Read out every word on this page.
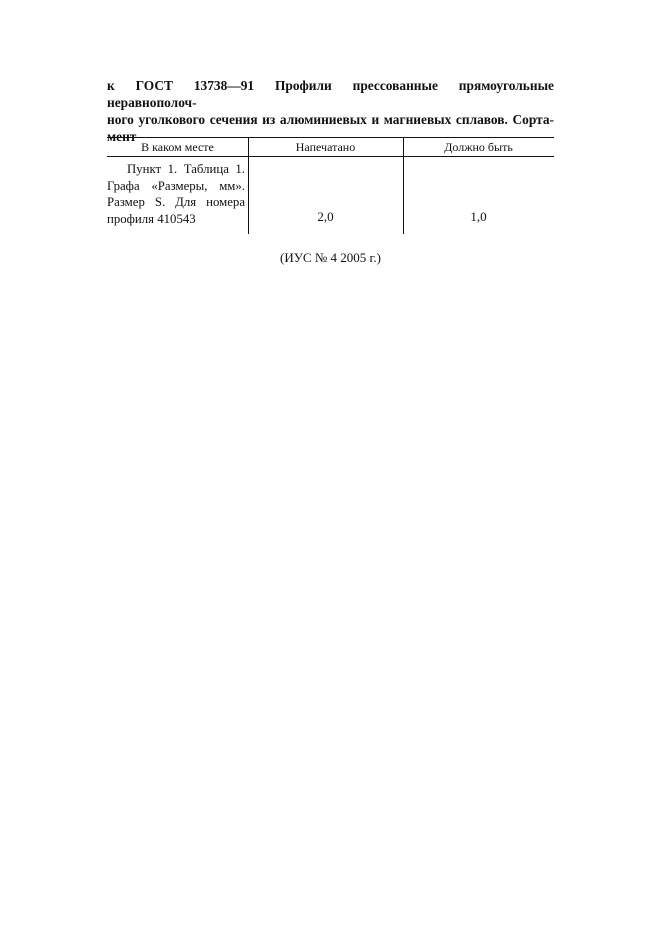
к ГОСТ 13738—91 Профили прессованные прямоугольные неравнополоч-
ного уголкового сечения из алюминиевых и магниевых сплавов. Сорта-
мент
В каком месте	Напечатано	Должно быть
Пункт 1. Таблица 1.
Графа «Размеры, мм».
Размер S. Для номера
профиля 410543	2,0	1,0
(ИУС № 4 2005 г.)
